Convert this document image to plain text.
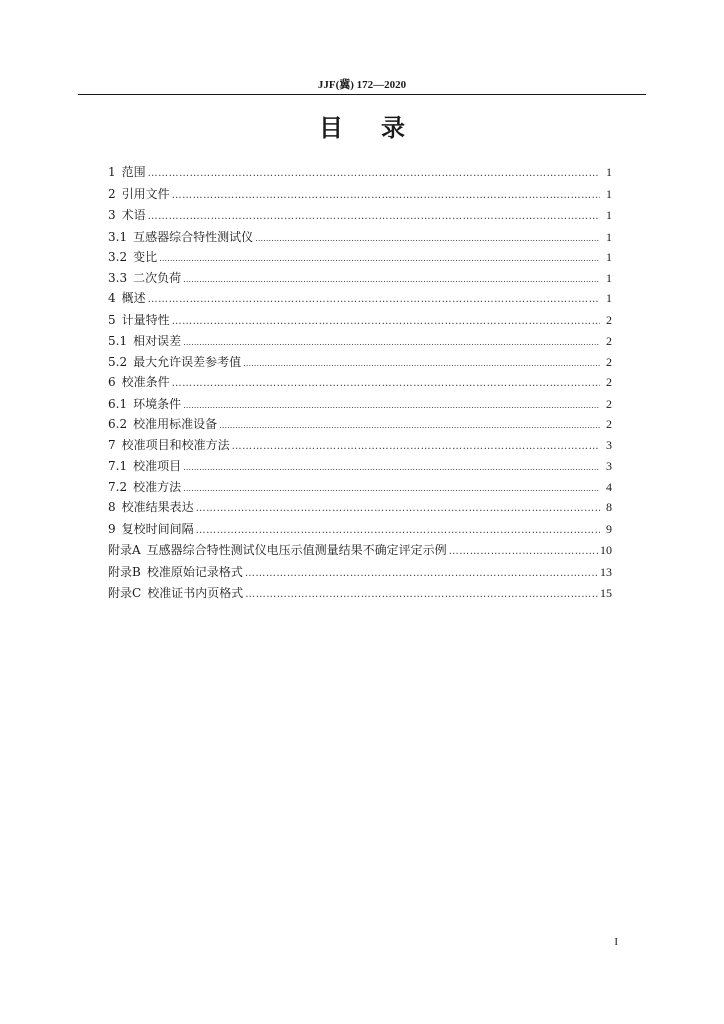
JJF(冀) 172—2020
目录
1 范围 …………………………………………………………………………………………………………………………………………………………………………………………………………………………	1
2 引用文件 …………………………………………………………………………………………………………………………………………………………………………………………………………………………	1
3 术语 …………………………………………………………………………………………………………………………………………………………………………………………………………………………	1
3.1 互感器综合特性测试仪 …………………………………………………………………………………………………………………………………………………………………………………………………………………………	1
3.2 变比 …………………………………………………………………………………………………………………………………………………………………………………………………………………………	1
3.3 二次负荷 …………………………………………………………………………………………………………………………………………………………………………………………………………………………	1
4 概述 …………………………………………………………………………………………………………………………………………………………………………………………………………………………	1
5 计量特性 …………………………………………………………………………………………………………………………………………………………………………………………………………………………	2
5.1 相对误差 …………………………………………………………………………………………………………………………………………………………………………………………………………………………	2
5.2 最大允许误差参考值 …………………………………………………………………………………………………………………………………………………………………………………………………………………………	2
6 校准条件 …………………………………………………………………………………………………………………………………………………………………………………………………………………………	2
6.1 环境条件 …………………………………………………………………………………………………………………………………………………………………………………………………………………………	2
6.2 校准用标准设备 …………………………………………………………………………………………………………………………………………………………………………………………………………………………	2
7 校准项目和校准方法 …………………………………………………………………………………………………………………………………………………………………………………………………………………………	3
7.1 校准项目 …………………………………………………………………………………………………………………………………………………………………………………………………………………………	3
7.2 校准方法 …………………………………………………………………………………………………………………………………………………………………………………………………………………………	4
8 校准结果表达 …………………………………………………………………………………………………………………………………………………………………………………………………………………………	8
9 复校时间间隔 …………………………………………………………………………………………………………………………………………………………………………………………………………………………	9
附录A 互感器综合特性测试仪电压示值测量结果不确定评定示例 …………………………………………………………………………………………………………………………………………………………………………………………………………………………	10
附录B 校准原始记录格式 …………………………………………………………………………………………………………………………………………………………………………………………………………………………	13
附录C 校准证书内页格式 …………………………………………………………………………………………………………………………………………………………………………………………………………………………	15
I
